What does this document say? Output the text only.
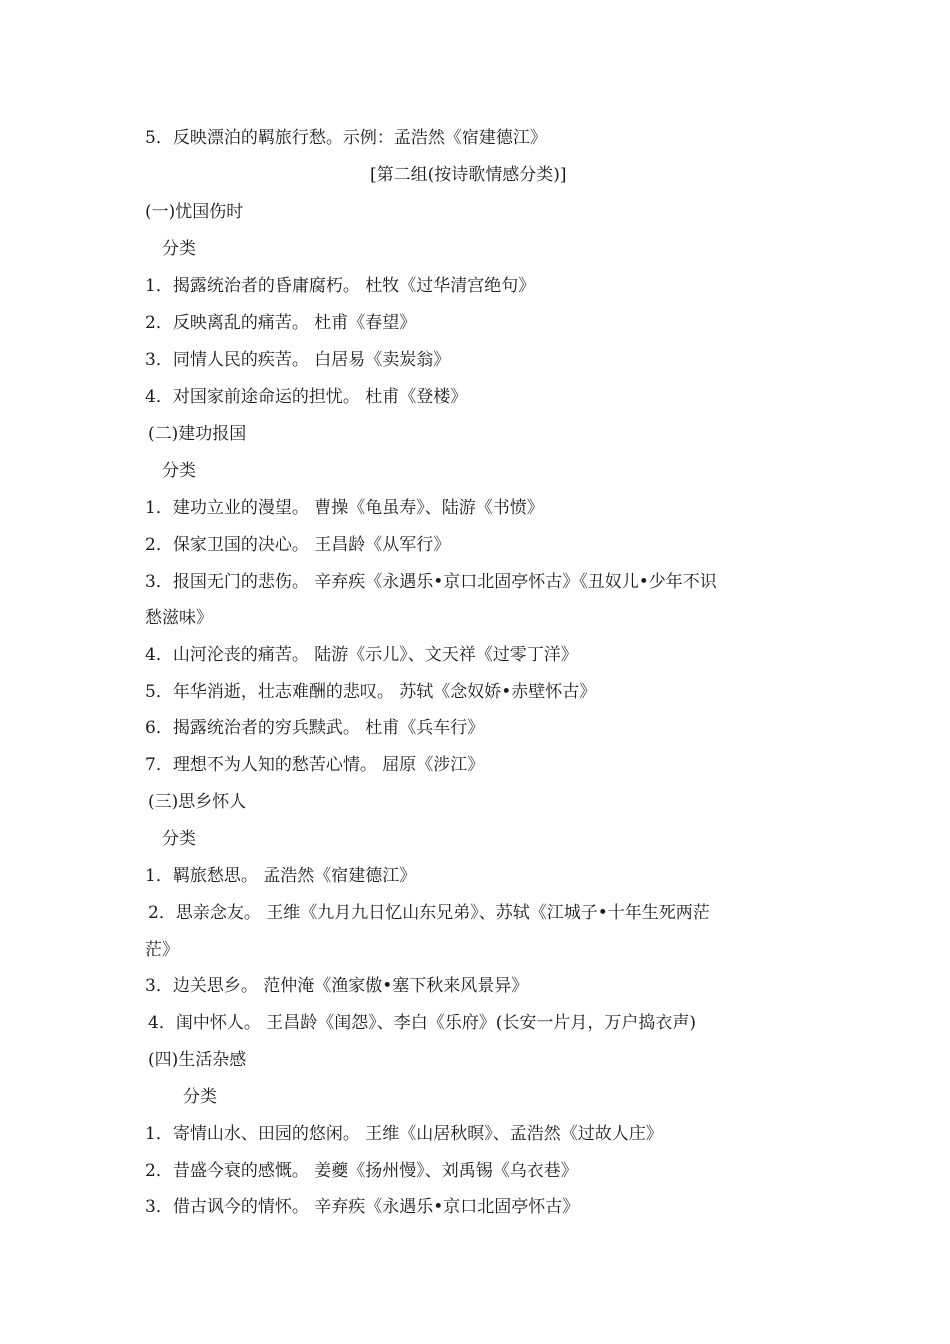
5．反映漂泊的羁旅行愁。示例：孟浩然《宿建德江》
[第二组(按诗歌情感分类)]
(一)忧国伤时
分类
1．揭露统治者的昏庸腐朽。 杜牧《过华清宫绝句》
2．反映离乱的痛苦。 杜甫《春望》
3．同情人民的疾苦。 白居易《卖炭翁》
4．对国家前途命运的担忧。 杜甫《登楼》
(二)建功报国
分类
1．建功立业的漫望。 曹操《龟虽寿》、陆游《书愤》
2．保家卫国的决心。 王昌龄《从军行》
3．报国无门的悲伤。 辛弃疾《永遇乐•京口北固亭怀古》《丑奴儿•少年不识
愁滋味》
4．山河沦丧的痛苦。 陆游《示儿》、文天祥《过零丁洋》
5．年华消逝，壮志难酬的悲叹。 苏轼《念奴娇•赤壁怀古》
6．揭露统治者的穷兵黩武。 杜甫《兵车行》
7．理想不为人知的愁苦心情。 屈原《涉江》
(三)思乡怀人
分类
1．羁旅愁思。 孟浩然《宿建德江》
2．思亲念友。 王维《九月九日忆山东兄弟》、苏轼《江城子•十年生死两茫
茫》
3．边关思乡。 范仲淹《渔家傲•塞下秋来风景异》
4．闺中怀人。 王昌龄《闺怨》、李白《乐府》(长安一片月，万户捣衣声)
(四)生活杂感
分类
1．寄情山水、田园的悠闲。 王维《山居秋暝》、孟浩然《过故人庄》
2．昔盛今衰的感慨。 姜夔《扬州慢》、刘禹锡《乌衣巷》
3．借古讽今的情怀。 辛弃疾《永遇乐•京口北固亭怀古》
